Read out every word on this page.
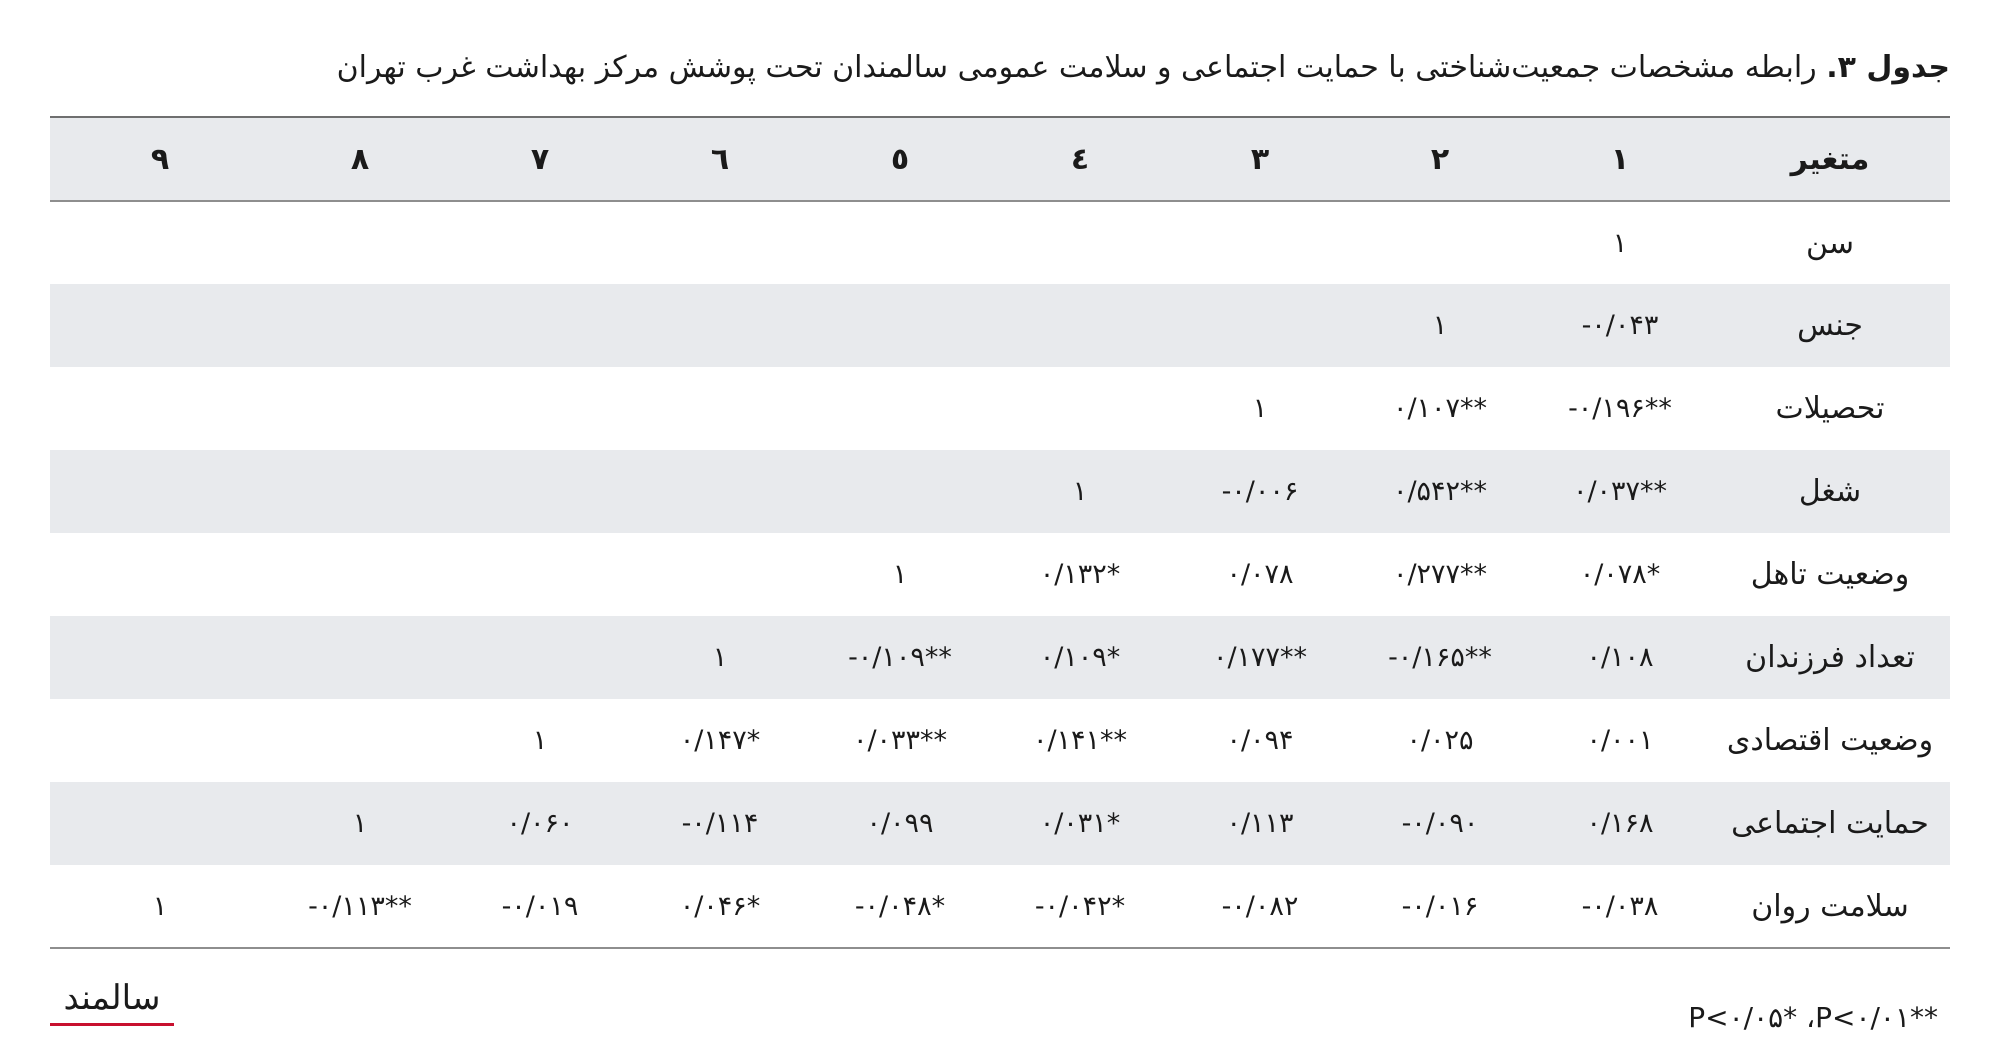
جدول ۳. رابطه مشخصات جمعیت‌شناختی با حمایت اجتماعی و سلامت عمومی سالمندان تحت پوشش مرکز بهداشت غرب تهران
متغیر	۱	۲	۳	٤	٥	٦	۷	۸	۹
سن	۱								
جنس	-۰/۰۴۳	۱							
تحصیلات	-۰/۱۹۶**	۰/۱۰۷**	۱						
شغل	۰/۰۳۷**	۰/۵۴۲**	-۰/۰۰۶	۱					
وضعیت تاهل	۰/۰۷۸*	۰/۲۷۷**	۰/۰۷۸	۰/۱۳۲*	۱				
تعداد فرزندان	۰/۱۰۸	-۰/۱۶۵**	۰/۱۷۷**	۰/۱۰۹*	-۰/۱۰۹**	۱			
وضعیت اقتصادی	۰/۰۰۱	۰/۰۲۵	۰/۰۹۴	۰/۱۴۱**	۰/۰۳۳**	۰/۱۴۷*	۱		
حمایت اجتماعی	۰/۱۶۸	-۰/۰۹۰	۰/۱۱۳	۰/۰۳۱*	۰/۰۹۹	-۰/۱۱۴	۰/۰۶۰	۱	
سلامت روان	-۰/۰۳۸	-۰/۰۱۶	-۰/۰۸۲	-۰/۰۴۲*	-۰/۰۴۸*	۰/۰۴۶*	-۰/۰۱۹	-۰/۱۱۳**	۱
سالمند	P<۰/۰۵* ،P<۰/۰۱**
